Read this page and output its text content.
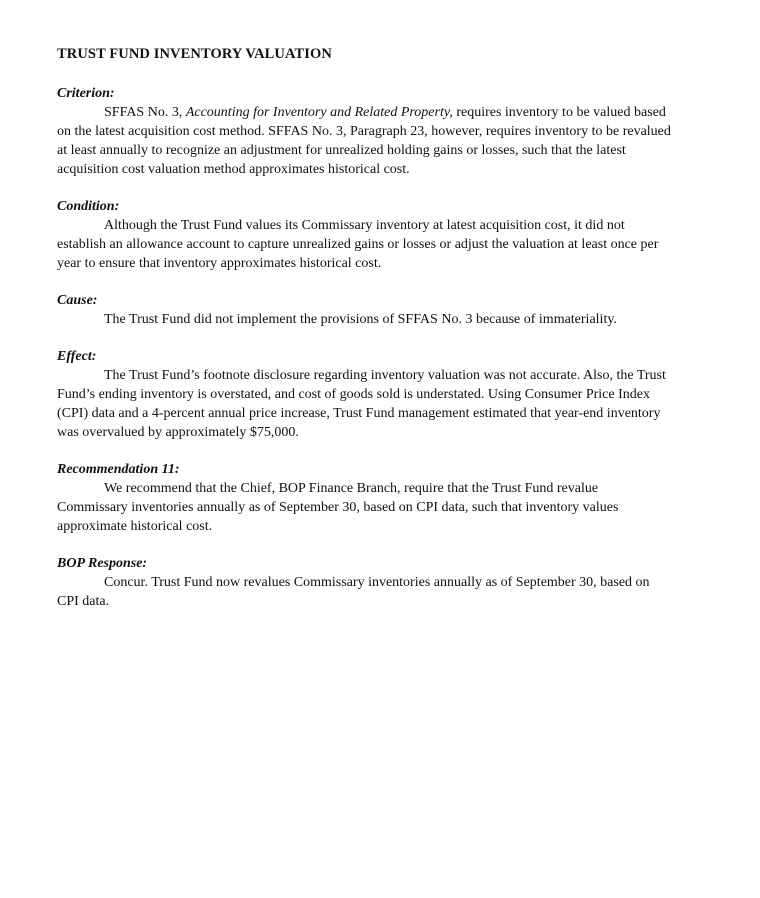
TRUST FUND INVENTORY VALUATION
Criterion:

SFFAS No. 3, Accounting for Inventory and Related Property, requires inventory to be valued based on the latest acquisition cost method. SFFAS No. 3, Paragraph 23, however, requires inventory to be revalued at least annually to recognize an adjustment for unrealized holding gains or losses, such that the latest acquisition cost valuation method approximates historical cost.

Condition:

Although the Trust Fund values its Commissary inventory at latest acquisition cost, it did not establish an allowance account to capture unrealized gains or losses or adjust the valuation at least once per year to ensure that inventory approximates historical cost.

Cause:

The Trust Fund did not implement the provisions of SFFAS No. 3 because of immateriality.

Effect:

The Trust Fund’s footnote disclosure regarding inventory valuation was not accurate. Also, the Trust Fund’s ending inventory is overstated, and cost of goods sold is understated. Using Consumer Price Index (CPI) data and a 4-percent annual price increase, Trust Fund management estimated that year-end inventory was overvalued by approximately $75,000.

Recommendation 11:

We recommend that the Chief, BOP Finance Branch, require that the Trust Fund revalue Commissary inventories annually as of September 30, based on CPI data, such that inventory values approximate historical cost.

BOP Response:

Concur. Trust Fund now revalues Commissary inventories annually as of September 30, based on CPI data.
